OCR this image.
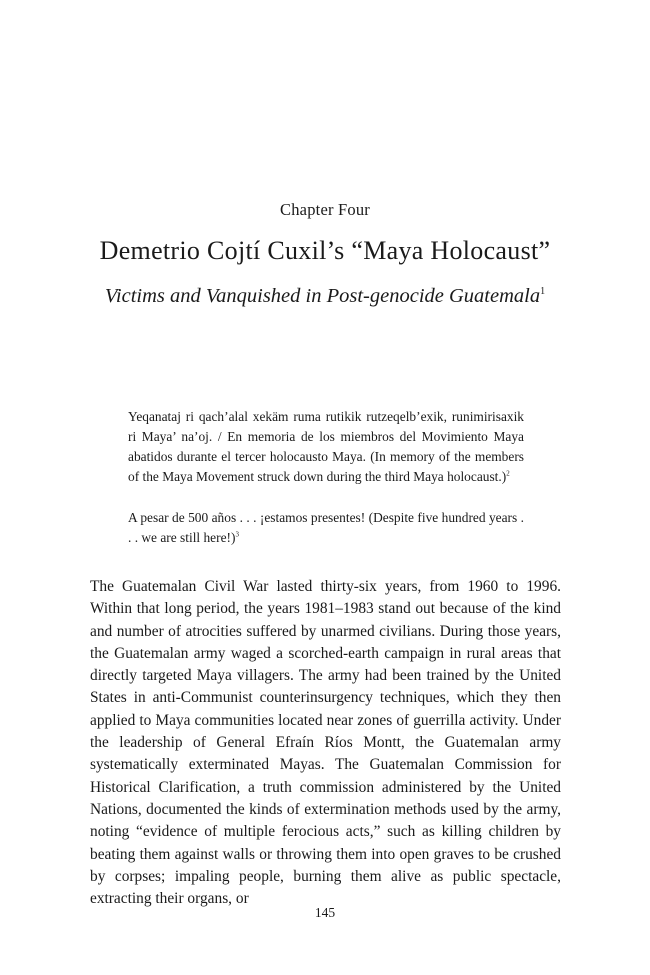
Chapter Four
Demetrio Cojtí Cuxil’s “Maya Holocaust”
Victims and Vanquished in Post-genocide Guatemala$^1$
Yeqanataj ri qach’alal xekäm ruma rutikik rutzeqelb’exik, runimirisaxik ri Maya’ na’oj. / En memoria de los miembros del Movimiento Maya abatidos durante el tercer holocausto Maya. (In memory of the members of the Maya Movement struck down during the third Maya holocaust.)$^2$
A pesar de 500 años . . . ¡estamos presentes! (Despite five hundred years . . . we are still here!)$^3$

The Guatemalan Civil War lasted thirty-six years, from 1960 to 1996. Within that long period, the years 1981–1983 stand out because of the kind and number of atrocities suffered by unarmed civilians. During those years, the Guatemalan army waged a scorched-earth campaign in rural areas that directly targeted Maya villagers. The army had been trained by the United States in anti-Communist counterinsurgency techniques, which they then applied to Maya communities located near zones of guerrilla activity. Under the leadership of General Efraín Ríos Montt, the Guatemalan army systematically exterminated Mayas. The Guatemalan Commission for Historical Clarification, a truth commission administered by the United Nations, documented the kinds of extermination methods used by the army, noting “evidence of multiple ferocious acts,” such as killing children by beating them against walls or throwing them into open graves to be crushed by corpses; impaling people, burning them alive as public spectacle, extracting their organs, or

145
